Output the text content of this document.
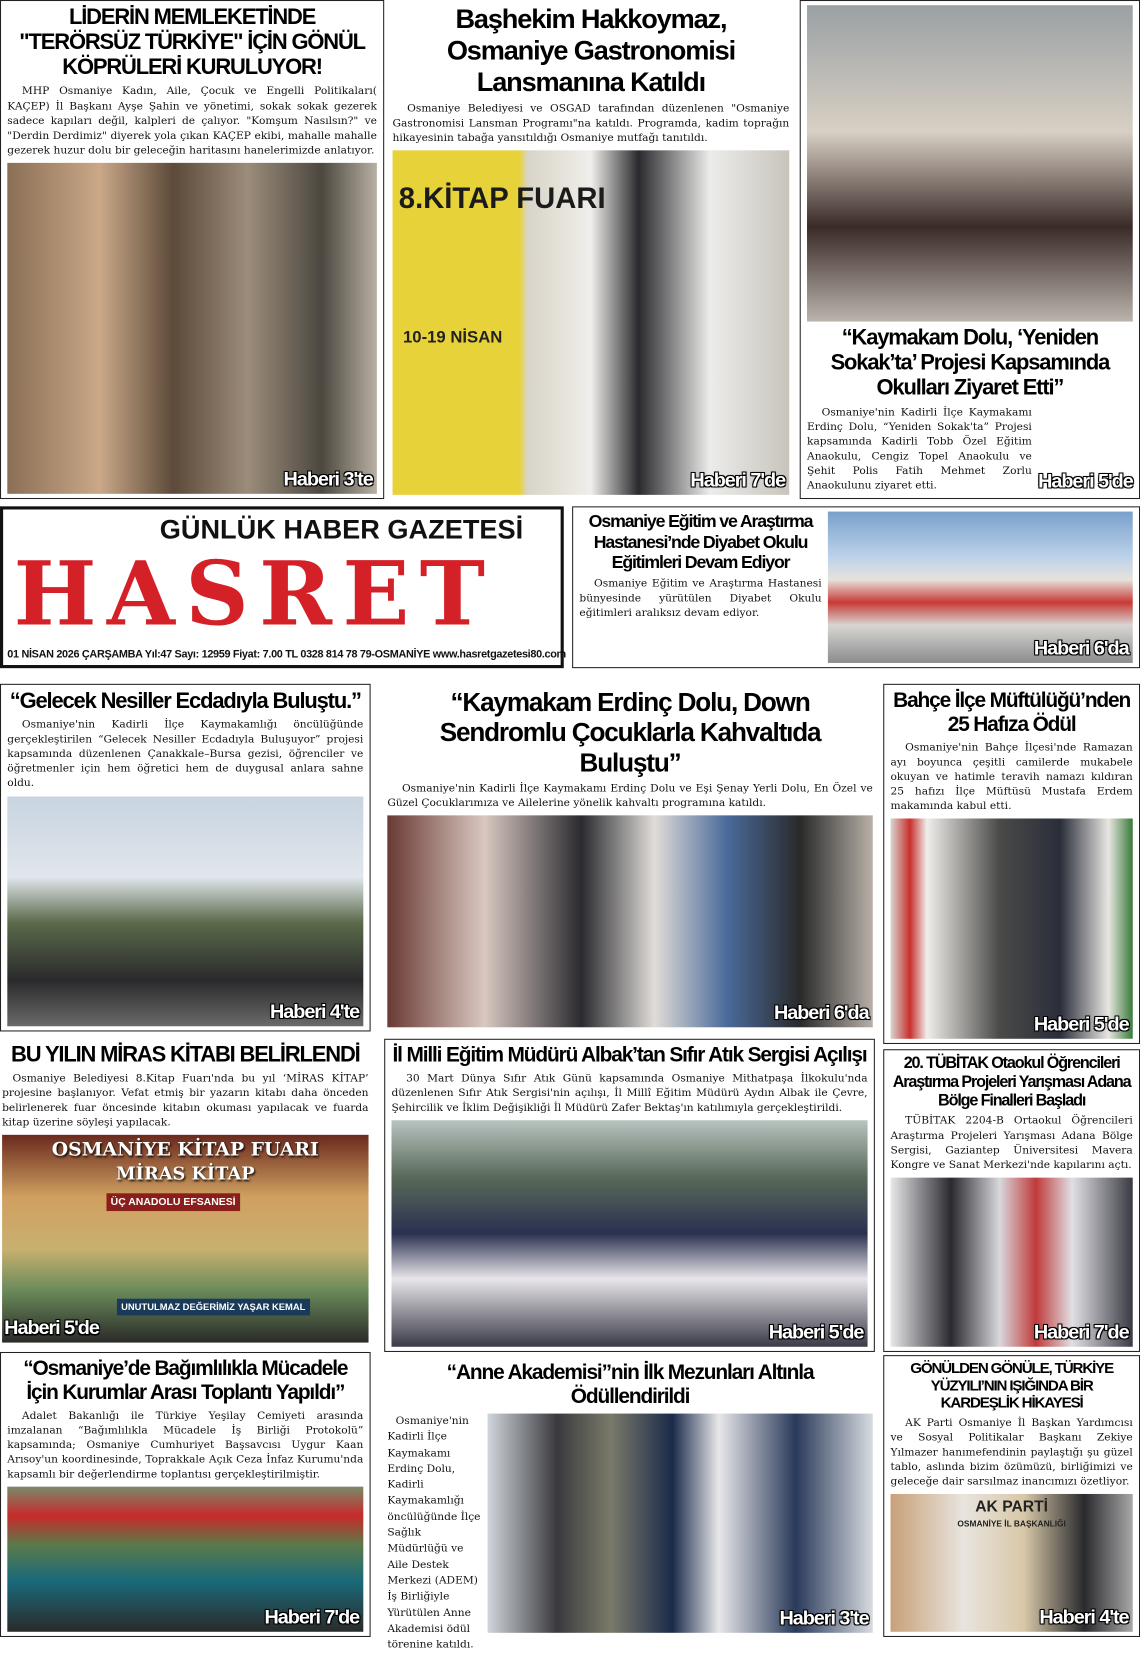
LİDERİN MEMLEKETİNDE "TERÖRSÜZ TÜRKİYE" İÇİN GÖNÜL KÖPRÜLERİ KURULUYOR!
MHP Osmaniye Kadın, Aile, Çocuk ve Engelli Politikaları( KAÇEP) İl Başkanı Ayşe Şahin ve yönetimi, sokak sokak gezerek sadece kapıları değil, kalpleri de çalıyor. "Komşum Nasılsın?" ve "Derdin Derdimiz" diyerek yola çıkan KAÇEP ekibi, mahalle mahalle gezerek huzur dolu bir geleceğin haritasını hanelerimizde anlatıyor.
Haberi 3'te
Başhekim Hakkoymaz, Osmaniye Gastronomisi Lansmanına Katıldı
Osmaniye Belediyesi ve OSGAD tarafından düzenlenen "Osmaniye Gastronomisi Lansman Programı"na katıldı. Programda, kadim toprağın hikayesinin tabağa yansıtıldığı Osmaniye mutfağı tanıtıldı.
8.KİTAP FUARI
10-19 NİSAN
Haberi 7'de
“Kaymakam Dolu, ‘Yeniden Sokak’ta’ Projesi Kapsamında Okulları Ziyaret Etti”
Osmaniye'nin Kadirli İlçe Kaymakamı Erdinç Dolu, “Yeniden Sokak'ta” Projesi kapsamında Kadirli Tobb Özel Eğitim Anaokulu, Cengiz Topel Anaokulu ve Şehit Polis Fatih Mehmet Zorlu Anaokulunu ziyaret etti.	Haberi 5'de
GÜNLÜK HABER GAZETESİ
HASRET
01 NİSAN 2026 ÇARŞAMBA Yıl:47 Sayı: 12959 Fiyat: 7.00 TL 0328 814 78 79-OSMANİYE www.hasretgazetesi80.com
Osmaniye Eğitim ve Araştırma Hastanesi’nde Diyabet Okulu Eğitimleri Devam Ediyor
Osmaniye Eğitim ve Araştırma Hastanesi bünyesinde yürütülen Diyabet Okulu eğitimleri aralıksız devam ediyor.
Haberi 6'da
“Gelecek Nesiller Ecdadıyla Buluştu.”
Osmaniye'nin Kadirli İlçe Kaymakamlığı öncülüğünde gerçekleştirilen “Gelecek Nesiller Ecdadıyla Buluşuyor” projesi kapsamında düzenlenen Çanakkale–Bursa gezisi, öğrenciler ve öğretmenler için hem öğretici hem de duygusal anlara sahne oldu.
Haberi 4'te
“Kaymakam Erdinç Dolu, Down Sendromlu Çocuklarla Kahvaltıda Buluştu”
Osmaniye'nin Kadirli İlçe Kaymakamı Erdinç Dolu ve Eşi Şenay Yerli Dolu, En Özel ve Güzel Çocuklarımıza ve Ailelerine yönelik kahvaltı programına katıldı.
Haberi 6'da
Bahçe İlçe Müftülüğü’nden 25 Hafıza Ödül
Osmaniye'nin Bahçe İlçesi'nde Ramazan ayı boyunca çeşitli camilerde mukabele okuyan ve hatimle teravih namazı kıldıran 25 hafızı İlçe Müftüsü Mustafa Erdem makamında kabul etti.
Haberi 5'de
BU YILIN MİRAS KİTABI BELİRLENDİ
Osmaniye Belediyesi 8.Kitap Fuarı'nda bu yıl ‘MİRAS KİTAP’ projesine başlanıyor. Vefat etmiş bir yazarın kitabı daha önceden belirlenerek fuar öncesinde kitabın okuması yapılacak ve fuarda kitap üzerine söyleşi yapılacak.
OSMANİYE KİTAP FUARI
MİRAS KİTAP
ÜÇ ANADOLU EFSANESİ
UNUTULMAZ DEĞERİMİZ YAŞAR KEMAL
Haberi 5'de
İl Milli Eğitim Müdürü Albak’tan Sıfır Atık Sergisi Açılışı
30 Mart Dünya Sıfır Atık Günü kapsamında Osmaniye Mithatpaşa İlkokulu'nda düzenlenen Sıfır Atık Sergisi'nin açılışı, İl Millî Eğitim Müdürü Aydın Albak ile Çevre, Şehircilik ve İklim Değişikliği İl Müdürü Zafer Bektaş'ın katılımıyla gerçekleştirildi.
Haberi 5'de
20. TÜBİTAK Otaokul Öğrencileri Araştırma Projeleri Yarışması Adana Bölge Finalleri Başladı
TÜBİTAK 2204-B Ortaokul Öğrencileri Araştırma Projeleri Yarışması Adana Bölge Sergisi, Gaziantep Üniversitesi Mavera Kongre ve Sanat Merkezi'nde kapılarını açtı.
Haberi 7'de
“Osmaniye’de Bağımlılıkla Mücadele İçin Kurumlar Arası Toplantı Yapıldı”
Adalet Bakanlığı ile Türkiye Yeşilay Cemiyeti arasında imzalanan “Bağımlılıkla Mücadele İş Birliği Protokolü” kapsamında; Osmaniye Cumhuriyet Başsavcısı Uygur Kaan Arısoy'un koordinesinde, Toprakkale Açık Ceza İnfaz Kurumu'nda kapsamlı bir değerlendirme toplantısı gerçekleştirilmiştir.
Haberi 7'de
“Anne Akademisi”nin İlk Mezunları Altınla Ödüllendirildi
Osmaniye'nin Kadirli İlçe Kaymakamı Erdinç Dolu, Kadirli Kaymakamlığı öncülüğünde İlçe Sağlık Müdürlüğü ve Aile Destek Merkezi (ADEM) İş Birliğiyle Yürütülen Anne Akademisi ödül törenine katıldı.
Haberi 3'te
GÖNÜLDEN GÖNÜLE, TÜRKİYE YÜZYILI’NIN IŞIĞINDA BİR KARDEŞLİK HİKAYESİ
AK Parti Osmaniye İl Başkan Yardımcısı ve Sosyal Politikalar Başkanı Zekiye Yılmazer hanımefendinin paylaştığı şu güzel tablo, aslında bizim özümüzü, birliğimizi ve geleceğe dair sarsılmaz inancımızı özetliyor.
AK PARTİ
OSMANİYE İL BAŞKANLIĞI
Haberi 4'te
